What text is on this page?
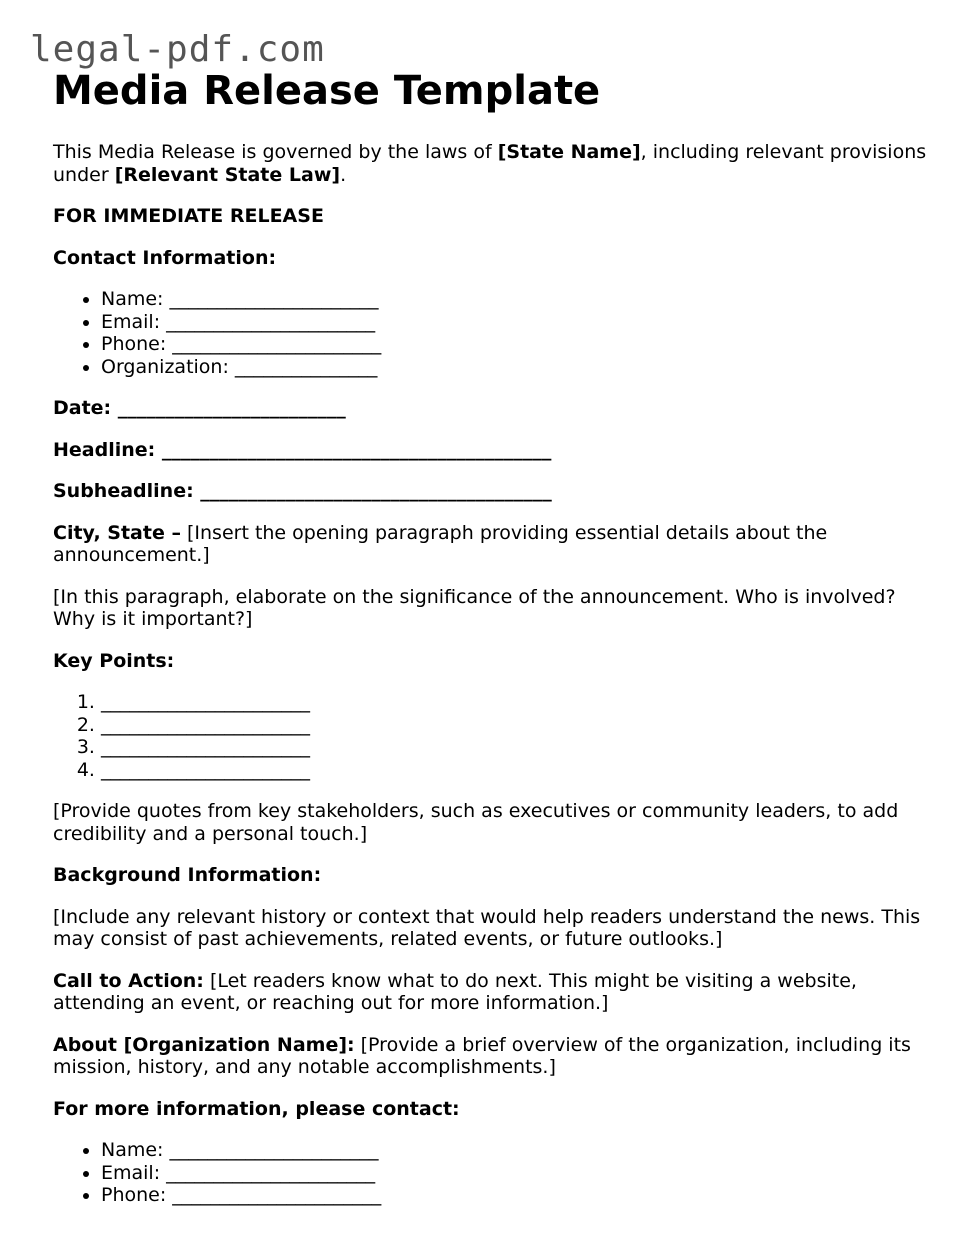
legal-pdf.com
Media Release Template

This Media Release is governed by the laws of [State Name], including relevant provisions under [Relevant State Law].

FOR IMMEDIATE RELEASE

Contact Information:

• Name: ______________________
• Email: ______________________
• Phone: ______________________
• Organization: _______________

Date: ________________________

Headline: _________________________________________

Subheadline: _____________________________________

City, State – [Insert the opening paragraph providing essential details about the announcement.]

[In this paragraph, elaborate on the significance of the announcement. Who is involved? Why is it important?]

Key Points:

1. ______________________
2. ______________________
3. ______________________
4. ______________________

[Provide quotes from key stakeholders, such as executives or community leaders, to add credibility and a personal touch.]

Background Information:

[Include any relevant history or context that would help readers understand the news. This may consist of past achievements, related events, or future outlooks.]

Call to Action: [Let readers know what to do next. This might be visiting a website, attending an event, or reaching out for more information.]

About [Organization Name]: [Provide a brief overview of the organization, including its mission, history, and any notable accomplishments.]

For more information, please contact:

• Name: ______________________
• Email: ______________________
• Phone: ______________________
